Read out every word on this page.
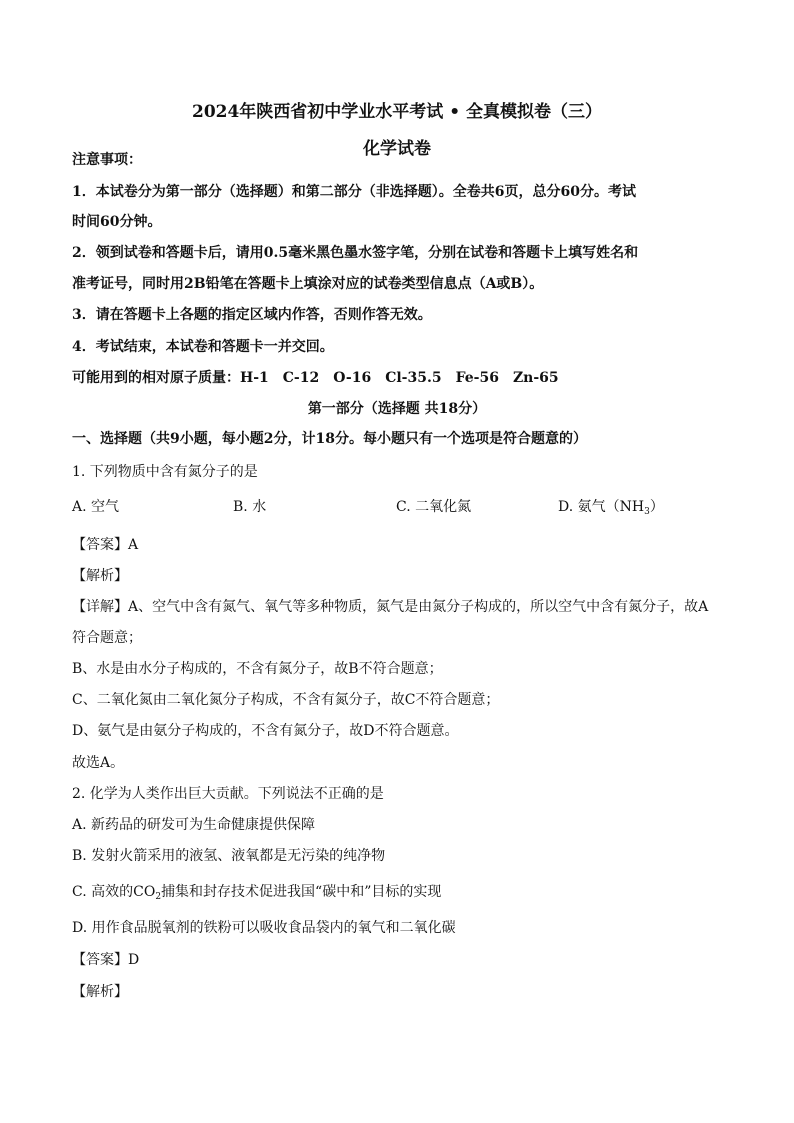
2024年陕西省初中学业水平考试 • 全真模拟卷（三）
化学试卷
注意事项：
1．本试卷分为第一部分（选择题）和第二部分（非选择题）。全卷共6页，总分60分。考试
时间60分钟。
2．领到试卷和答题卡后，请用0.5毫米黑色墨水签字笔，分别在试卷和答题卡上填写姓名和
准考证号，同时用2B铅笔在答题卡上填涂对应的试卷类型信息点（A或B）。
3．请在答题卡上各题的指定区域内作答，否则作答无效。
4．考试结束，本试卷和答题卡一并交回。
可能用到的相对原子质量：H-1　C-12　O-16　Cl-35.5　Fe-56　Zn-65
第一部分（选择题 共18分）
一、选择题（共9小题，每小题2分，计18分。每小题只有一个选项是符合题意的）
1. 下列物质中含有氮分子的是
A. 空气	B. 水	C. 二氧化氮	D. 氨气$(NH_3)$
【答案】A
【解析】
【详解】A、空气中含有氮气、氧气等多种物质，氮气是由氮分子构成的，所以空气中含有氮分子，故A
符合题意；
B、水是由水分子构成的，不含有氮分子，故B不符合题意；
C、二氧化氮由二氧化氮分子构成，不含有氮分子，故C不符合题意；
D、氨气是由氨分子构成的，不含有氮分子，故D不符合题意。
故选A。
2. 化学为人类作出巨大贡献。下列说法不正确的是
A. 新药品的研发可为生命健康提供保障
B. 发射火箭采用的液氢、液氧都是无污染的纯净物
C. 高效的$CO_2$捕集和封存技术促进我国“碳中和”目标的实现
D. 用作食品脱氧剂的铁粉可以吸收食品袋内的氧气和二氧化碳
【答案】D
【解析】
